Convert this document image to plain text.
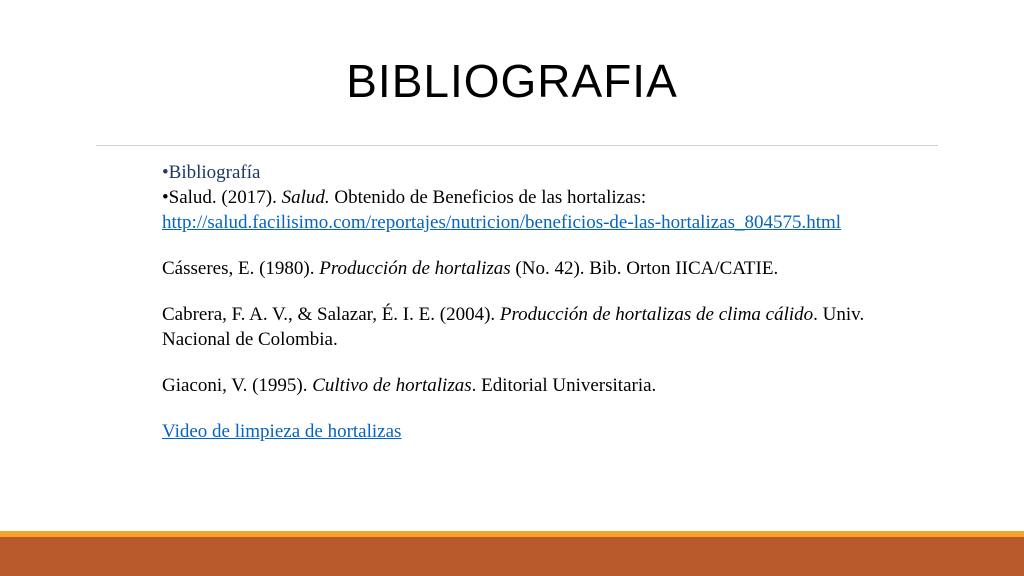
BIBLIOGRAFIA

•Bibliografía

•Salud. (2017). Salud. Obtenido de Beneficios de las hortalizas:

http://salud.facilisimo.com/reportajes/nutricion/beneficios-de-las-hortalizas_804575.html

Cásseres, E. (1980). Producción de hortalizas (No. 42). Bib. Orton IICA/CATIE.

Cabrera, F. A. V., & Salazar, É. I. E. (2004). Producción de hortalizas de clima cálido. Univ. Nacional de Colombia.

Giaconi, V. (1995). Cultivo de hortalizas. Editorial Universitaria.

Video de limpieza de hortalizas
